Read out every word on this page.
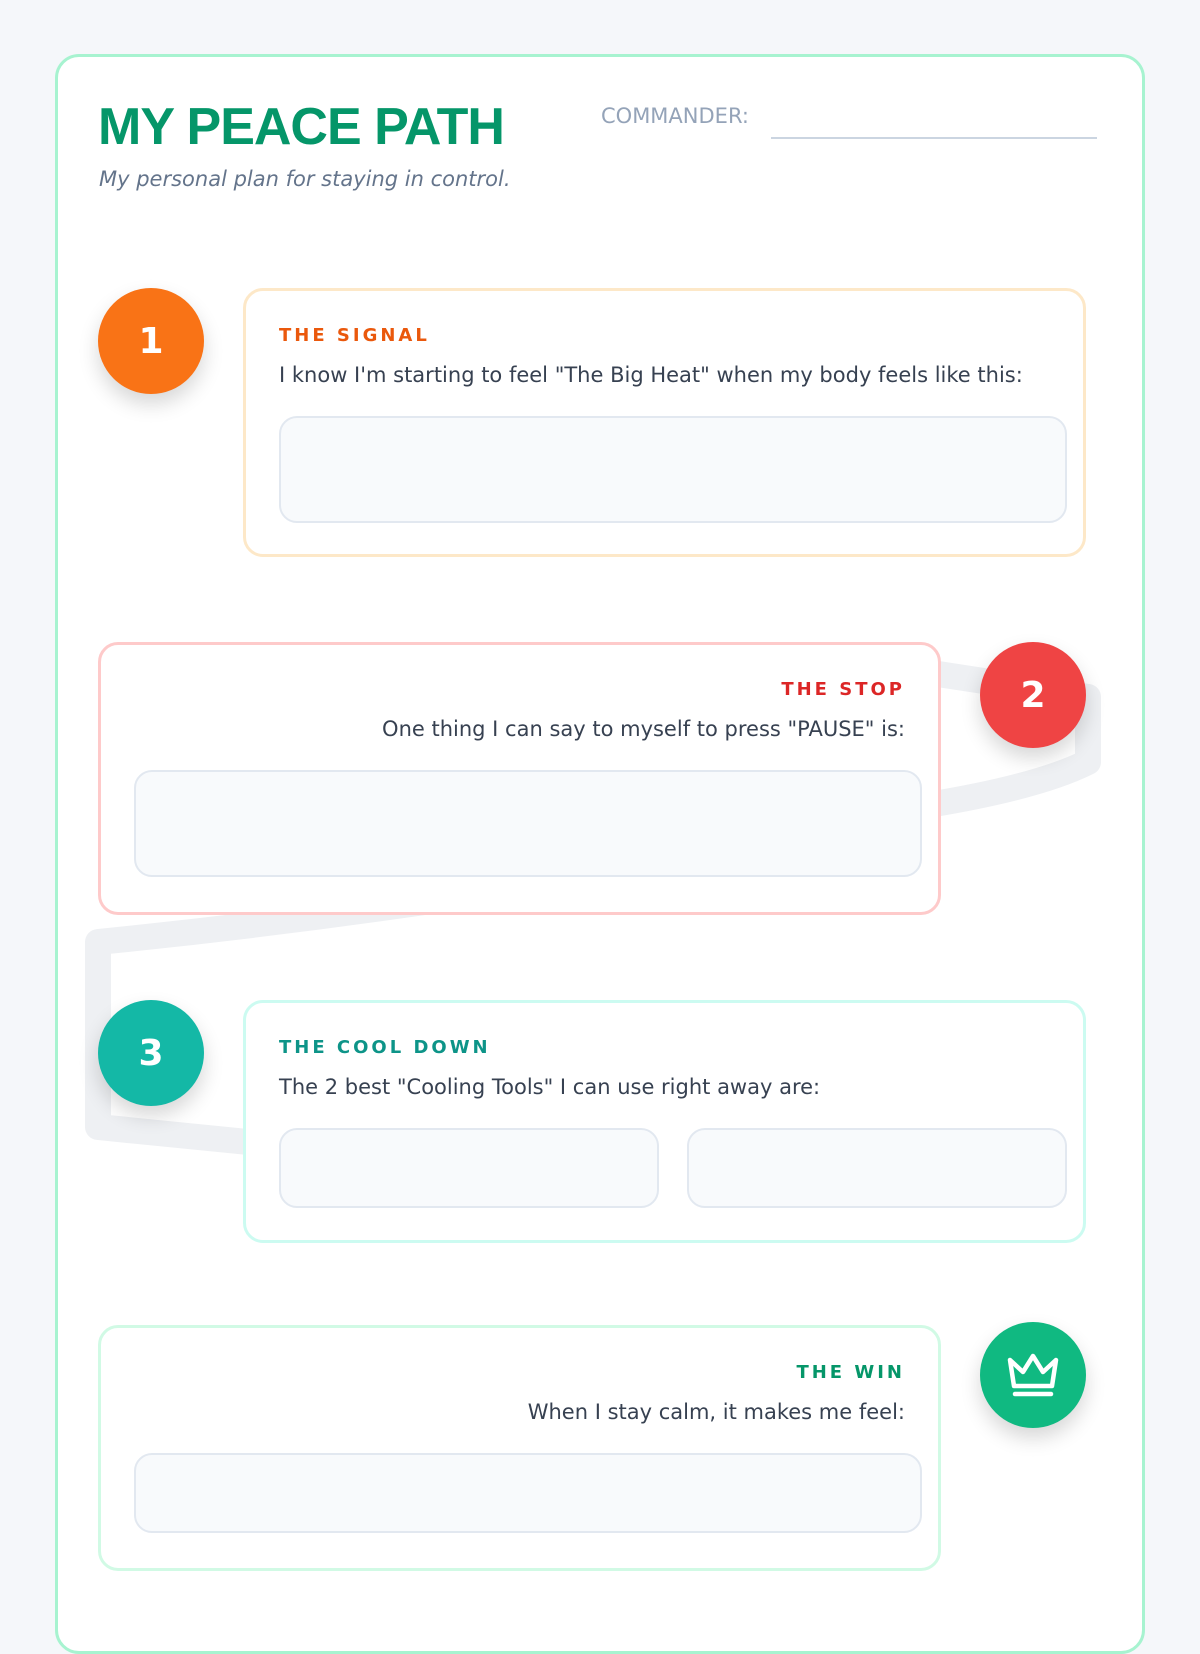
MY PEACE PATH
My personal plan for staying in control.
COMMANDER:
1	THE SIGNAL
I know I'm starting to feel "The Big Heat" when my body feels like this:
THE STOP
One thing I can say to myself to press "PAUSE" is:
2
3	THE COOL DOWN
The 2 best "Cooling Tools" I can use right away are:
THE WIN
When I stay calm, it makes me feel:
